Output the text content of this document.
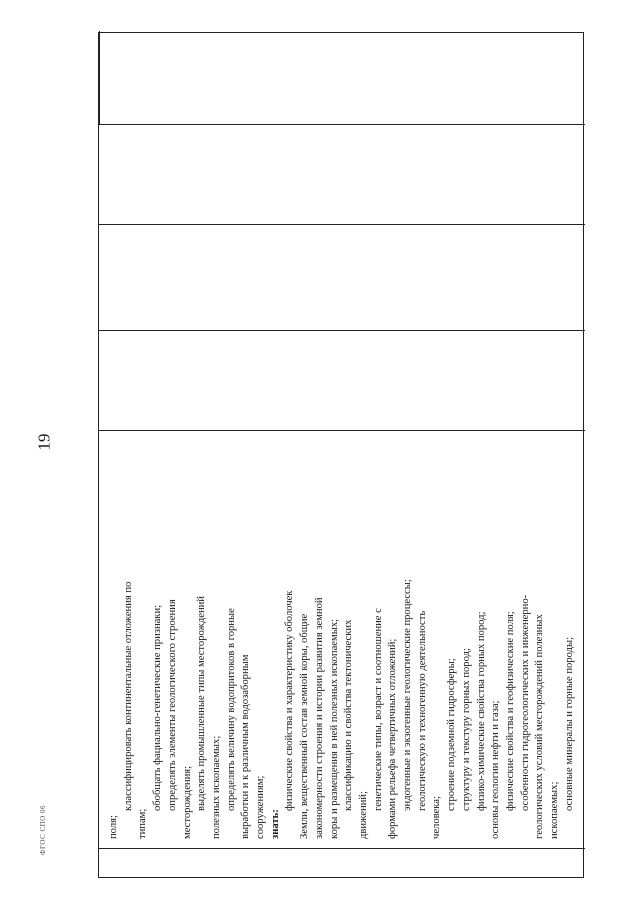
поля;
классифицировать континентальные отложения по
типам;
обобщать фациально-генетические признаки; определять элементы геологического строения месторождения; выделять промышленные типы месторождений полезных ископаемых; определять величину водопритоков в горные выработки и к различным водозаборным сооружениям; знать:
физические свойства и характеристику оболочек Земли, вещественный состав земной коры, общие закономерности строения и истории развития земной коры и размещения в ней полезных ископаемых; классификацию и свойства тектонических
движений;
генетические типы, возраст и соотношение с формами рельефа четвертичных отложений; эндогенные и экзогенные геологические процессы; геологическую и техногенную деятельность
человека;
строение подземной гидросферы; структуру и текстуру горных пород; физико-химические свойства горных пород; основы геологии нефти и газа; физические свойства и геофизические поля; особенности гидрогеологических и инженерно- геологических условий месторождений полезных ископаемых; основные минералы и горные породы;
19
ФГОС СПО 06
